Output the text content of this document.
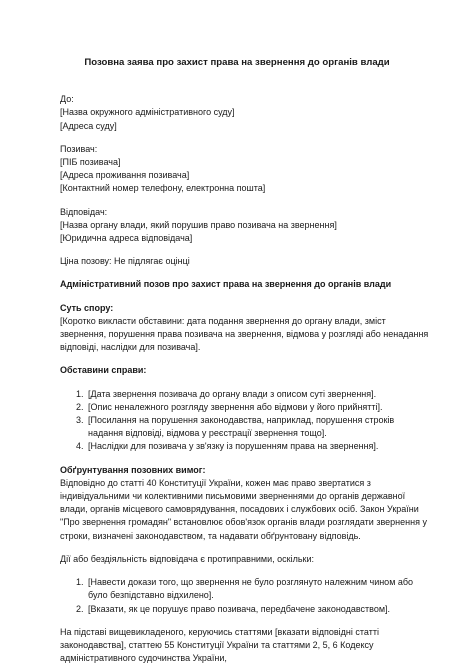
Позовна заява про захист права на звернення до органів влади
До:
[Назва окружного адміністративного суду]
[Адреса суду]
Позивач:
[ПІБ позивача]
[Адреса проживання позивача]
[Контактний номер телефону, електронна пошта]
Відповідач:
[Назва органу влади, який порушив право позивача на звернення]
[Юридична адреса відповідача]
Ціна позову: Не підлягає оцінці
Адміністративний позов про захист права на звернення до органів влади
Суть спору:
[Коротко викласти обставини: дата подання звернення до органу влади, зміст
звернення, порушення права позивача на звернення, відмова у розгляді або ненадання
відповіді, наслідки для позивача].
Обставини справи:
1. [Дата звернення позивача до органу влади з описом суті звернення].
2. [Опис неналежного розгляду звернення або відмови у його прийнятті].
3. [Посилання на порушення законодавства, наприклад, порушення строків
надання відповіді, відмова у реєстрації звернення тощо].
4. [Наслідки для позивача у зв'язку із порушенням права на звернення].
Обґрунтування позовних вимог:
Відповідно до статті 40 Конституції України, кожен має право звертатися з
індивідуальними чи колективними письмовими зверненнями до органів державної
влади, органів місцевого самоврядування, посадових і службових осіб. Закон України
"Про звернення громадян" встановлює обов'язок органів влади розглядати звернення у
строки, визначені законодавством, та надавати обґрунтовану відповідь.
Дії або бездіяльність відповідача є протиправними, оскільки:
1. [Навести докази того, що звернення не було розглянуто належним чином або
було безпідставно відхилено].
2. [Вказати, як це порушує право позивача, передбачене законодавством].
На підставі вищевикладеного, керуючись статтями [вказати відповідні статті
законодавства], статтею 55 Конституції України та статтями 2, 5, 6 Кодексу
адміністративного судочинства України,
